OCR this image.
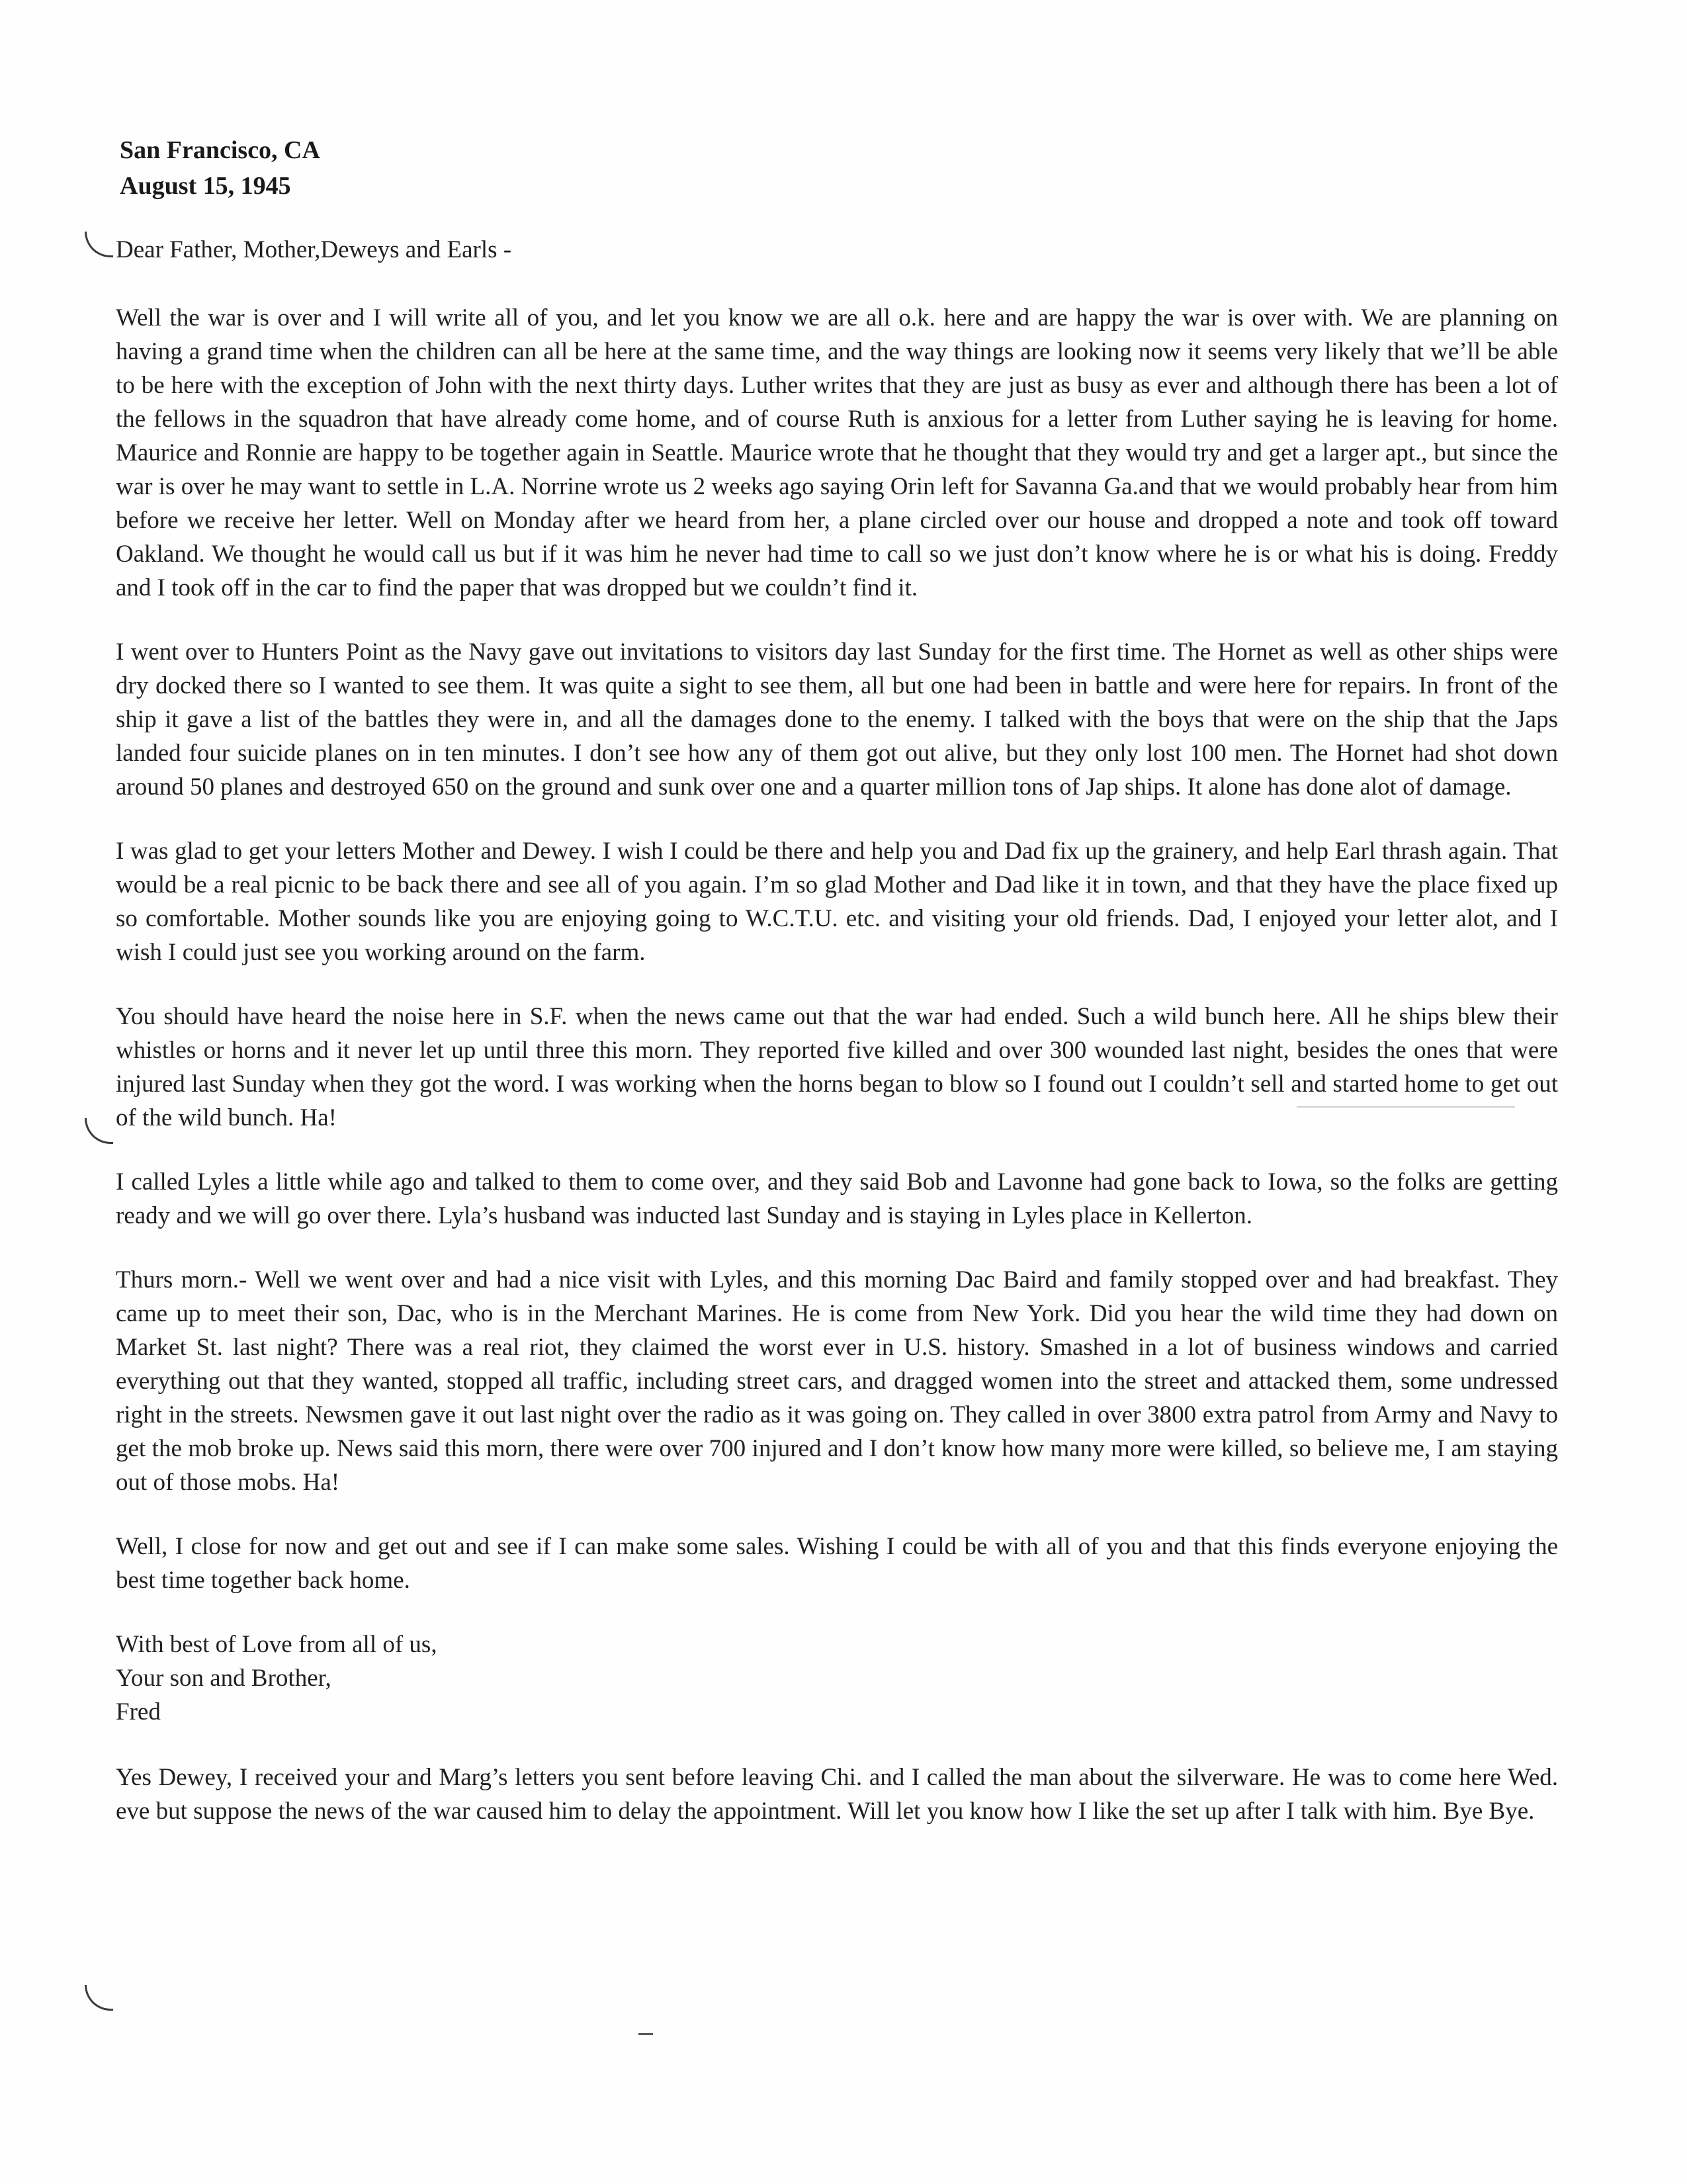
San Francisco, CA
August 15, 1945

Dear Father, Mother,Deweys and Earls -

Well the war is over and I will write all of you, and let you know we are all o.k. here and are happy the war is over with. We are planning on having a grand time when the children can all be here at the same time, and the way things are looking now it seems very likely that we’ll be able to be here with the exception of John with the next thirty days. Luther writes that they are just as busy as ever and although there has been a lot of the fellows in the squadron that have already come home, and of course Ruth is anxious for a letter from Luther saying he is leaving for home. Maurice and Ronnie are happy to be together again in Seattle. Maurice wrote that he thought that they would try and get a larger apt., but since the war is over he may want to settle in L.A. Norrine wrote us 2 weeks ago saying Orin left for Savanna Ga.and that we would probably hear from him before we receive her letter. Well on Monday after we heard from her, a plane circled over our house and dropped a note and took off toward Oakland. We thought he would call us but if it was him he never had time to call so we just don’t know where he is or what his is doing. Freddy and I took off in the car to find the paper that was dropped but we couldn’t find it.

I went over to Hunters Point as the Navy gave out invitations to visitors day last Sunday for the first time. The Hornet as well as other ships were dry docked there so I wanted to see them. It was quite a sight to see them, all but one had been in battle and were here for repairs. In front of the ship it gave a list of the battles they were in, and all the damages done to the enemy. I talked with the boys that were on the ship that the Japs landed four suicide planes on in ten minutes. I don’t see how any of them got out alive, but they only lost 100 men. The Hornet had shot down around 50 planes and destroyed 650 on the ground and sunk over one and a quarter million tons of Jap ships. It alone has done alot of damage.

I was glad to get your letters Mother and Dewey. I wish I could be there and help you and Dad fix up the grainery, and help Earl thrash again. That would be a real picnic to be back there and see all of you again. I’m so glad Mother and Dad like it in town, and that they have the place fixed up so comfortable. Mother sounds like you are enjoying going to W.C.T.U. etc. and visiting your old friends. Dad, I enjoyed your letter alot, and I wish I could just see you working around on the farm.

You should have heard the noise here in S.F. when the news came out that the war had ended. Such a wild bunch here. All he ships blew their whistles or horns and it never let up until three this morn. They reported five killed and over 300 wounded last night, besides the ones that were injured last Sunday when they got the word. I was working when the horns began to blow so I found out I couldn’t sell and started home to get out of the wild bunch. Ha!

I called Lyles a little while ago and talked to them to come over, and they said Bob and Lavonne had gone back to Iowa, so the folks are getting ready and we will go over there. Lyla’s husband was inducted last Sunday and is staying in Lyles place in Kellerton.

Thurs morn.- Well we went over and had a nice visit with Lyles, and this morning Dac Baird and family stopped over and had breakfast. They came up to meet their son, Dac, who is in the Merchant Marines. He is come from New York. Did you hear the wild time they had down on Market St. last night? There was a real riot, they claimed the worst ever in U.S. history. Smashed in a lot of business windows and carried everything out that they wanted, stopped all traffic, including street cars, and dragged women into the street and attacked them, some undressed right in the streets. Newsmen gave it out last night over the radio as it was going on. They called in over 3800 extra patrol from Army and Navy to get the mob broke up. News said this morn, there were over 700 injured and I don’t know how many more were killed, so believe me, I am staying out of those mobs. Ha!

Well, I close for now and get out and see if I can make some sales. Wishing I could be with all of you and that this finds everyone enjoying the best time together back home.

With best of Love from all of us,
Your son and Brother,
Fred

Yes Dewey, I received your and Marg’s letters you sent before leaving Chi. and I called the man about the silverware. He was to come here Wed. eve but suppose the news of the war caused him to delay the appointment. Will let you know how I like the set up after I talk with him. Bye Bye.
